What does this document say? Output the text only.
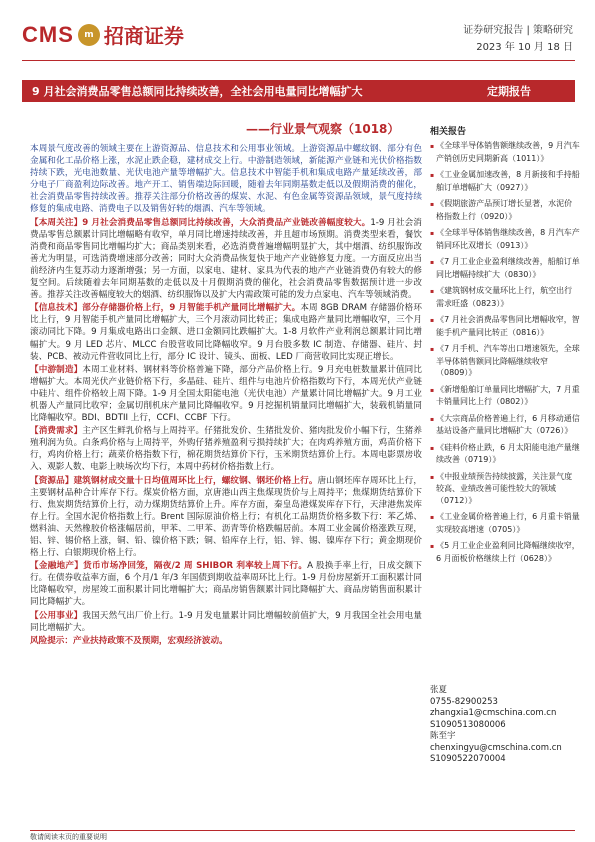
CMS	m 招商证券	证券研究报告 | 策略研究
2023 年 10 月 18 日
9 月社会消费品零售总额同比持续改善，全社会用电量同比增幅扩大	定期报告
——行业景气观察（1018）

本周景气度改善的领域主要在上游资源品、信息技术和公用事业领域。上游资源品中螺纹钢、部分有色金属和化工品价格上涨，水泥止跌企稳，建材成交上行。中游制造领域，新能源产业链和光伏价格指数持续下跌，光电池数量、光伏电池产量等增幅扩大。信息技术中智能手机和集成电路产量延续改善，部分电子厂商盈利边际改善。地产开工、销售端边际回暖，随着去年同期基数走低以及假期消费的催化，社会消费品零售持续改善。推荐关注部分价格改善的煤炭、水泥、有色金属等资源品领域，景气度持续修复的集成电路、消费电子以及销售好转的烟酒、汽车等领域。

【本周关注】9 月社会消费品零售总额同比持续改善，大众消费品产业链改善幅度较大。1-9 月社会消费品零售总额累计同比增幅略有收窄，单月同比增速持续改善，并且超市场预期。消费类型来看，餐饮消费和商品零售同比增幅均扩大；商品类别来看，必选消费普遍增幅明显扩大，其中烟酒、纺织服饰改善尤为明显，可选消费增速部分改善；同时大众消费品恢复快于地产产业链修复力度。一方面反应出当前经济内生复苏动力逐渐增强；另一方面，以家电、建材、家具为代表的地产产业链消费仍有较大的修复空间。后续随着去年同期基数的走低以及十月假期消费的催化，社会消费品零售数据预计进一步改善。推荐关注改善幅度较大的烟酒、纺织服饰以及扩大内需政策可能的发力点家电、汽车等领域消费。

【信息技术】部分存储器价格上行，9 月智能手机产量同比增幅扩大。本周 8GB DRAM 存储器价格环比上行，9 月智能手机产量同比增幅扩大，三个月滚动同比转正；集成电路产量同比增幅收窄，三个月滚动同比下降。9 月集成电路出口金额、进口金额同比跌幅扩大。1-8 月软件产业利润总额累计同比增幅扩大。9 月 LED 芯片、MLCC 台股营收同比降幅收窄。9 月台股多数 IC 制造、存储器、硅片、封装、PCB、被动元件营收同比上行，部分 IC 设计、镜头、面板、LED 厂商营收同比实现正增长。

【中游制造】本周工业材料、钢材料等价格普遍下降，部分产品价格上行。9 月充电桩数量累计值同比增幅扩大。本周光伏产业链价格下行，多晶硅、硅片、组件与电池片价格指数均下行，本周光伏产业链中硅片、组件价格较上周下降。1-9 月全国太阳能电池（光伏电池）产量累计同比增幅扩大。9 月工业机器人产量同比收窄；金属切削机床产量同比降幅收窄。9 月挖掘机销量同比增幅扩大，装载机销量同比降幅收窄。BDI、BDTII 上行，CCFI、CCBF 下行。

【消费需求】主产区生鲜乳价格与上周持平。仔猪批发价、生猪批发价、猪肉批发价小幅下行，生猪养殖利润为负。白条鸡价格与上周持平，外购仔猪养殖盈利亏损持续扩大；在肉鸡养殖方面，鸡苗价格下行，鸡肉价格上行；蔬菜价格指数下行，棉花期货结算价下行，玉米期货结算价上行。本周电影票房收入、观影人数、电影上映场次均下行，本周中药材价格指数上行。

【资源品】建筑钢材成交量十日均值周环比上行，螺纹钢、钢坯价格上行。唐山钢坯库存周环比上行，主要钢材品种合计库存下行。煤炭价格方面，京唐港山西主焦煤现货价与上周持平；焦煤期货结算价下行、焦炭期货结算价上行，动力煤期货结算价上升。库存方面，秦皇岛港煤炭库存下行，天津港焦炭库存上行。全国水泥价格指数上行。Brent 国际原油价格上行；有机化工品期货价格多数下行：苯乙烯、燃料油、天然橡胶价格涨幅居前，甲苯、二甲苯、沥青等价格跌幅居前。本周工业金属价格涨跌互现，铝、锌、锡价格上涨，铜、铅、镍价格下跌；铜、铅库存上行，铝、锌、锡、镍库存下行；黄金期现价格上行、白银期现价格上行。

【金融地产】货币市场净回笼，隔夜/2 周 SHIBOR 利率较上周下行。A 股换手率上行，日成交额下行。在债券收益率方面，6 个月/1 年/3 年国债到期收益率周环比上行。1-9 月份房屋新开工面积累计同比降幅收窄，房屋竣工面积累计同比增幅扩大；商品房销售额累计同比降幅扩大、商品房销售面积累计同比降幅扩大。

【公用事业】我国天然气出厂价上行。1-9 月发电量累计同比增幅较前值扩大，9 月我国全社会用电量同比增幅扩大。

风险提示：产业扶持政策不及预期，宏观经济波动。

相关报告
▪ 《全球半导体销售额继续改善，9 月汽车产销创历史同期新高（1011）》
▪ 《工业金属加速改善，8 月新接和手持船舶订单增幅扩大（0927）》
▪ 《假期旅游产品预订增长显著，水泥价格指数上行（0920）》
▪ 《全球半导体销售继续改善，8 月汽车产销同环比双增长（0913）》
▪ 《7 月工业企业盈利继续改善，船舶订单同比增幅持续扩大（0830）》
▪ 《建筑钢材成交量环比上行，航空出行需求旺盛（0823）》
▪ 《7 月社会消费品零售同比增幅收窄，智能手机产量同比转正（0816）》
▪ 《7 月手机、汽车等出口增速领先，全球半导体销售额同比降幅继续收窄（0809）》
▪ 《新增船舶订单量同比增幅扩大，7 月重卡销量同比上行（0802）》
▪ 《大宗商品价格普遍上行，6 月移动通信基站设备产量同比增幅扩大（0726）》
▪ 《硅料价格止跌，6 月太阳能电池产量继续改善（0719）》
▪ 《中报业绩预告持续披露，关注景气度较高、业绩改善可能性较大的领域（0712）》
▪ 《工业金属价格普遍上行，6 月重卡销量实现较高增速（0705）》
▪ 《5 月工业企业盈利同比降幅继续收窄，6 月面板价格继续上行（0628）》
张夏
0755-82900253
zhangxia1@cmschina.com.cn
S1090513080006
陈至宇
chenxingyu@cmschina.com.cn
S1090522070004
敬请阅读末页的重要说明
